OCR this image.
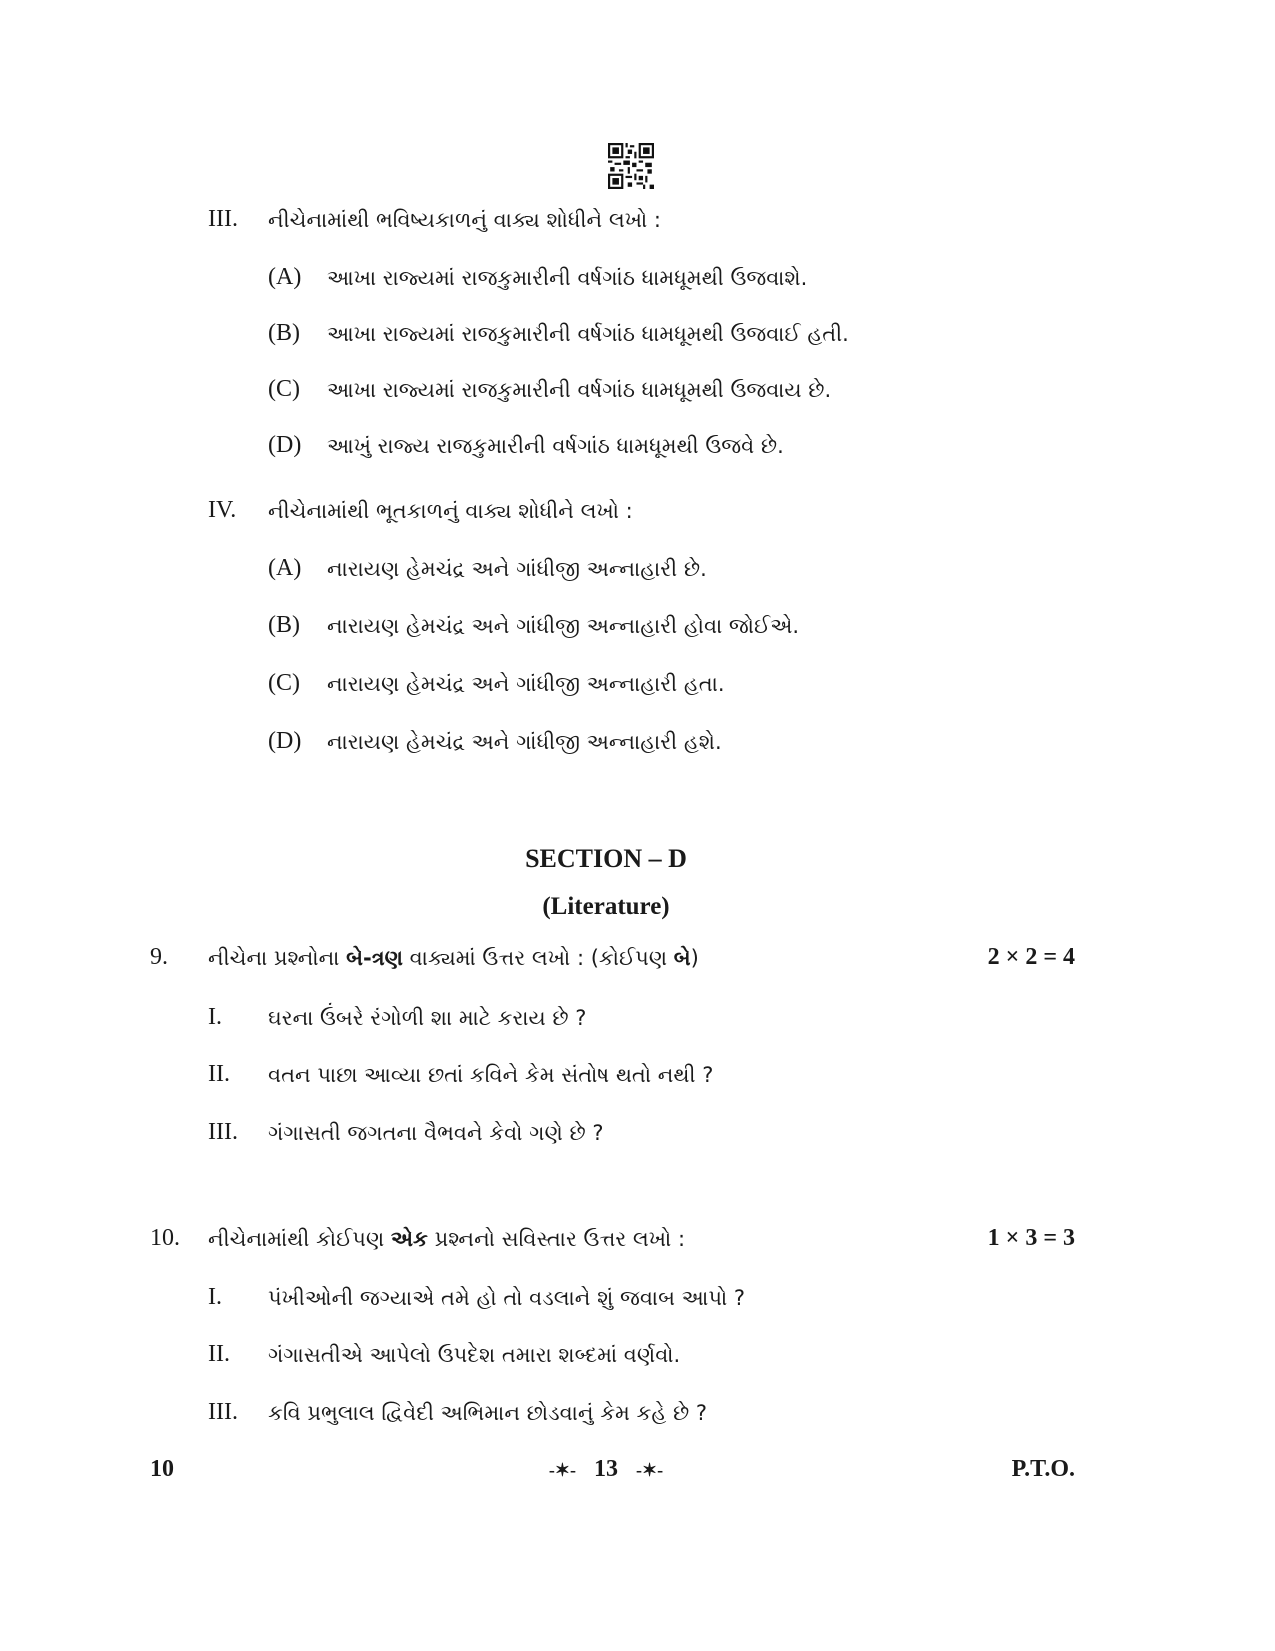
III. નીચેનામાંથી ભવિષ્યકાળનું વાક્ય શોધીને લખો :
(A) આખા રાજ્યમાં રાજકુમારીની વર્ષગાંઠ ધામધૂમથી ઉજવાશે.
(B) આખા રાજ્યમાં રાજકુમારીની વર્ષગાંઠ ધામધૂમથી ઉજવાઈ હતી.
(C) આખા રાજ્યમાં રાજકુમારીની વર્ષગાંઠ ધામધૂમથી ઉજવાય છે.
(D) આખું રાજ્ય રાજકુમારીની વર્ષગાંઠ ધામધૂમથી ઉજવે છે.
IV. નીચેનામાંથી ભૂતકાળનું વાક્ય શોધીને લખો :
(A) નારાયણ હેમચંદ્ર અને ગાંધીજી અન્નાહારી છે.
(B) નારાયણ હેમચંદ્ર અને ગાંધીજી અન્નાહારી હોવા જોઈએ.
(C) નારાયણ હેમચંદ્ર અને ગાંધીજી અન્નાહારી હતા.
(D) નારાયણ હેમચંદ્ર અને ગાંધીજી અન્નાહારી હશે.
SECTION – D
(Literature)
9. નીચેના પ્રશ્નોના બે-ત્રણ વાક્યમાં ઉત્તર લખો : (કોઈપણ બે)	2 × 2 = 4
I. ઘરના ઉંબરે રંગોળી શા માટે કરાય છે ?
II. વતન પાછા આવ્યા છતાં કવિને કેમ સંતોષ થતો નથી ?
III. ગંગાસતી જગતના વૈભવને કેવો ગણે છે ?
10. નીચેનામાંથી કોઈપણ એક પ્રશ્નનો સવિસ્તાર ઉત્તર લખો :	1 × 3 = 3
I. પંખીઓની જગ્યાએ તમે હો તો વડલાને શું જવાબ આપો ?
II. ગંગાસતીએ આપેલો ઉપદેશ તમારા શબ્દમાં વર્ણવો.
III. કવિ પ્રભુલાલ દ્વિવેદી અભિમાન છોડવાનું કેમ કહે છે ?
10	-✶- 13 -✶-	P.T.O.
